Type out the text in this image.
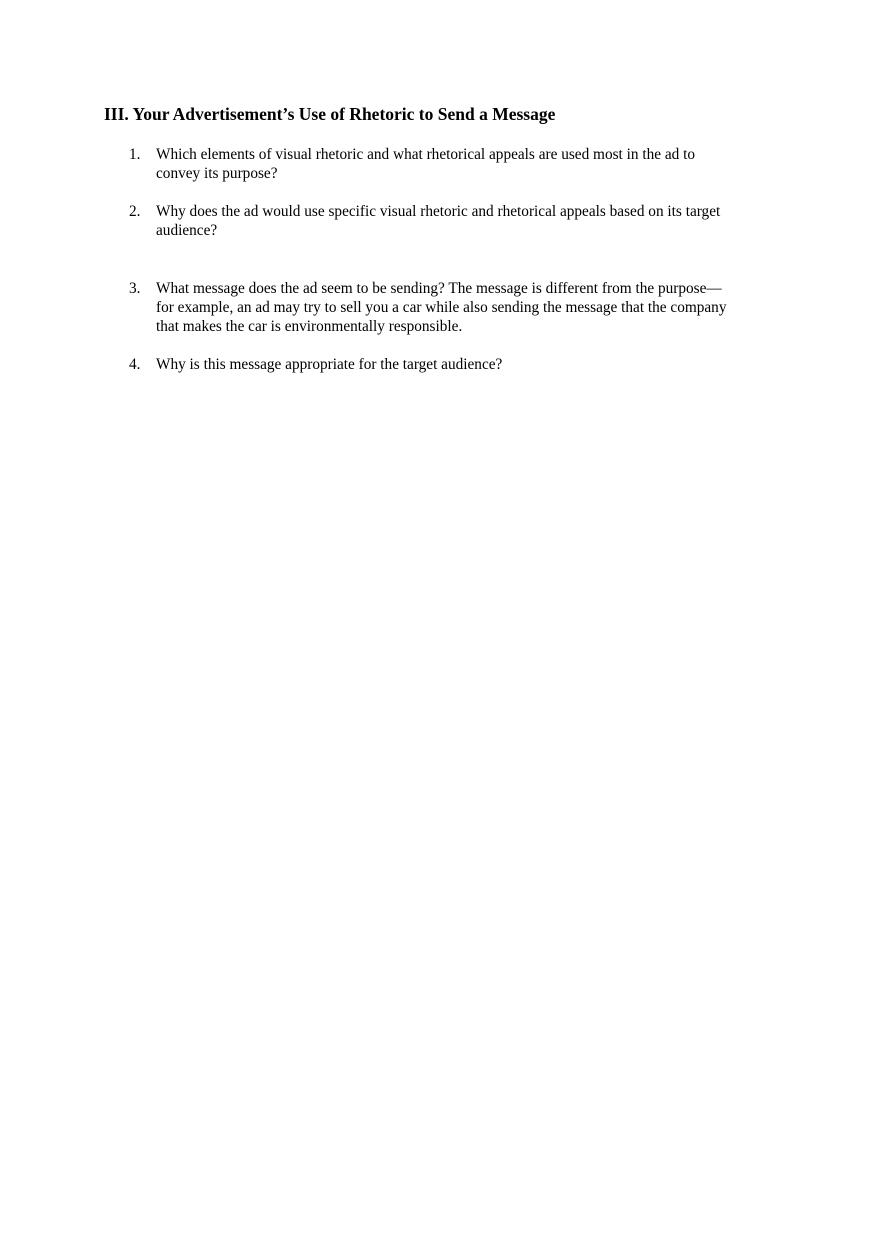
III. Your Advertisement’s Use of Rhetoric to Send a Message
1. Which elements of visual rhetoric and what rhetorical appeals are used most in the ad to
convey its purpose?
2. Why does the ad would use specific visual rhetoric and rhetorical appeals based on its target
audience?
3. What message does the ad seem to be sending? The message is different from the purpose—
for example, an ad may try to sell you a car while also sending the message that the company
that makes the car is environmentally responsible.
4. Why is this message appropriate for the target audience?
